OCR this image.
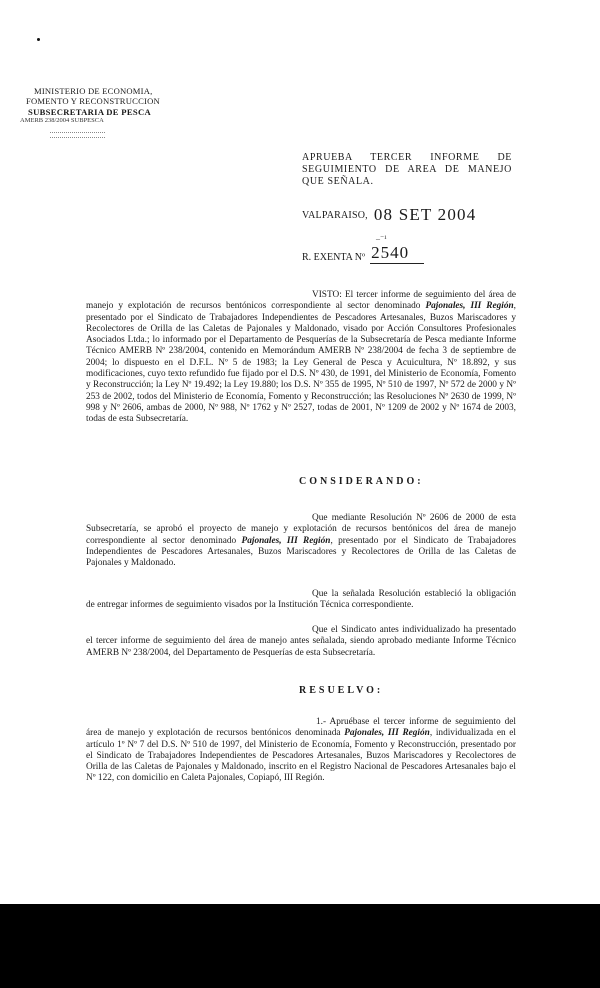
MINISTERIO DE ECONOMIA,
FOMENTO Y RECONSTRUCCION
SUBSECRETARIA DE PESCA
AMERB 238/2004 SUBPESCA

APRUEBA TERCER INFORME DE

SEGUIMIENTO DE AREA DE MANEJO

QUE SEÑALA.

VALPARAISO, 08 SET 2004
–⁻¹
R. EXENTA Nº 2540

VISTO: El tercer informe de seguimiento del área de manejo y explotación de recursos bentónicos correspondiente al sector denominado Pajonales, III Región, presentado por el Sindicato de Trabajadores Independientes de Pescadores Artesanales, Buzos Mariscadores y Recolectores de Orilla de las Caletas de Pajonales y Maldonado, visado por Acción Consultores Profesionales Asociados Ltda.; lo informado por el Departamento de Pesquerías de la Subsecretaría de Pesca mediante Informe Técnico AMERB Nº 238/2004, contenido en Memorándum AMERB Nº 238/2004 de fecha 3 de septiembre de 2004; lo dispuesto en el D.F.L. Nº 5 de 1983; la Ley General de Pesca y Acuicultura, Nº 18.892, y sus modificaciones, cuyo texto refundido fue fijado por el D.S. Nº 430, de 1991, del Ministerio de Economía, Fomento y Reconstrucción; la Ley Nº 19.492; la Ley 19.880; los D.S. Nº 355 de 1995, Nº 510 de 1997, Nº 572 de 2000 y Nº 253 de 2002, todos del Ministerio de Economía, Fomento y Reconstrucción; las Resoluciones Nº 2630 de 1999, Nº 998 y Nº 2606, ambas de 2000, Nº 988, Nº 1762 y Nº 2527, todas de 2001, Nº 1209 de 2002 y Nº 1674 de 2003, todas de esta Subsecretaría.

CONSIDERANDO:

Que mediante Resolución Nº 2606 de 2000 de esta Subsecretaría, se aprobó el proyecto de manejo y explotación de recursos bentónicos del área de manejo correspondiente al sector denominado Pajonales, III Región, presentado por el Sindicato de Trabajadores Independientes de Pescadores Artesanales, Buzos Mariscadores y Recolectores de Orilla de las Caletas de Pajonales y Maldonado.

Que la señalada Resolución estableció la obligación de entregar informes de seguimiento visados por la Institución Técnica correspondiente.

Que el Sindicato antes individualizado ha presentado el tercer informe de seguimiento del área de manejo antes señalada, siendo aprobado mediante Informe Técnico AMERB Nº 238/2004, del Departamento de Pesquerías de esta Subsecretaría.

RESUELVO:

1.- Apruébase el tercer informe de seguimiento del área de manejo y explotación de recursos bentónicos denominada Pajonales, III Región, individualizada en el artículo 1º Nº 7 del D.S. Nº 510 de 1997, del Ministerio de Economía, Fomento y Reconstrucción, presentado por el Sindicato de Trabajadores Independientes de Pescadores Artesanales, Buzos Mariscadores y Recolectores de Orilla de las Caletas de Pajonales y Maldonado, inscrito en el Registro Nacional de Pescadores Artesanales bajo el Nº 122, con domicilio en Caleta Pajonales, Copiapó, III Región.
